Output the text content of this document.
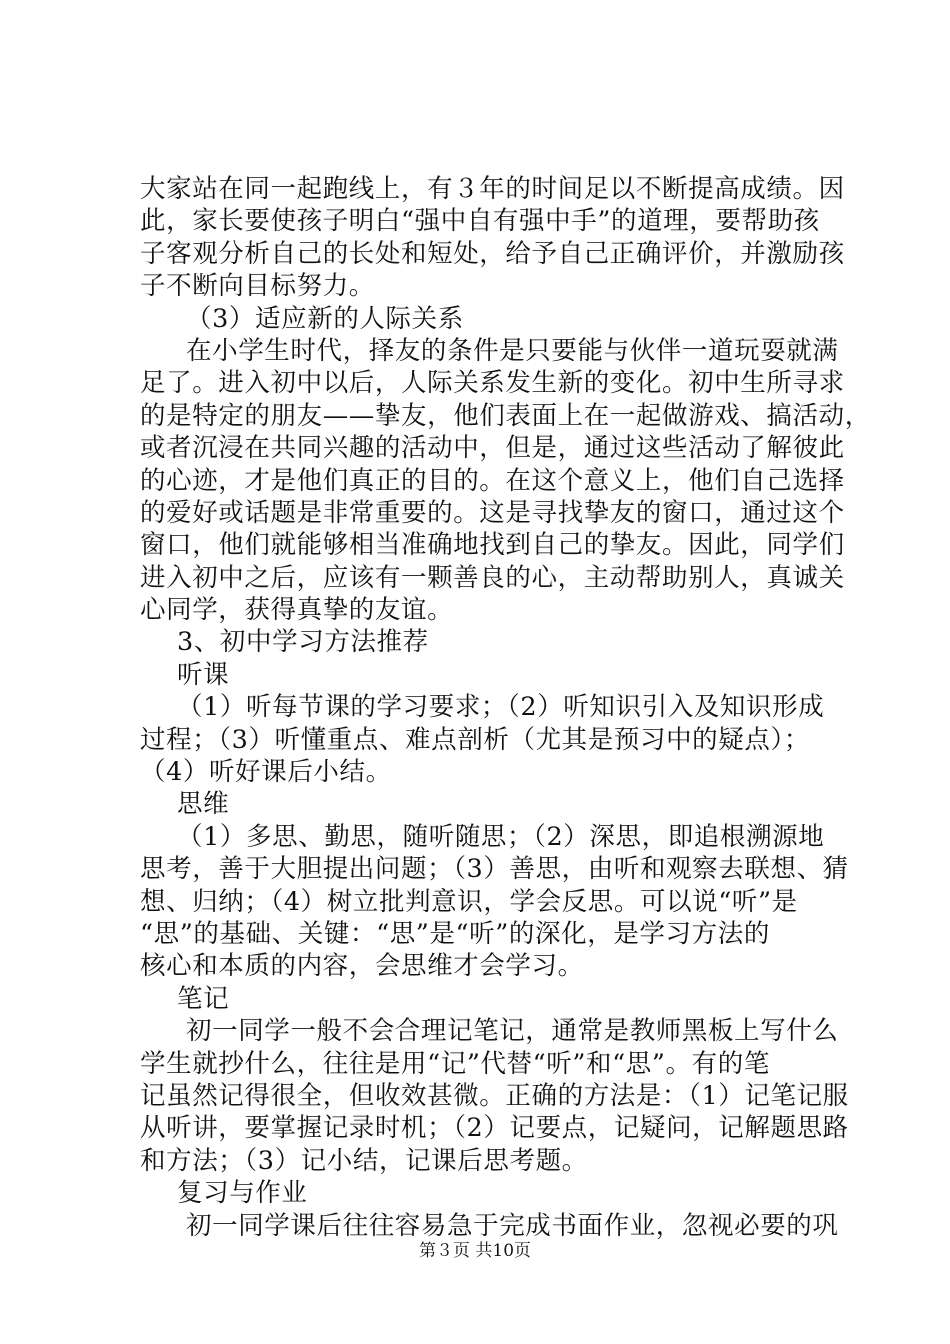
大家站在同一起跑线上，有３年的时间足以不断提高成绩。因
此，家长要使孩子明白“强中自有强中手”的道理，要帮助孩
子客观分析自己的长处和短处，给予自己正确评价，并激励孩
子不断向目标努力。
（3）适应新的人际关系
在小学生时代，择友的条件是只要能与伙伴一道玩耍就满
足了。进入初中以后，人际关系发生新的变化。初中生所寻求
的是特定的朋友——挚友，他们表面上在一起做游戏、搞活动，
或者沉浸在共同兴趣的活动中，但是，通过这些活动了解彼此
的心迹，才是他们真正的目的。在这个意义上，他们自己选择
的爱好或话题是非常重要的。这是寻找挚友的窗口，通过这个
窗口，他们就能够相当准确地找到自己的挚友。因此，同学们
进入初中之后，应该有一颗善良的心，主动帮助别人，真诚关
心同学，获得真挚的友谊。
3、初中学习方法推荐
听课
（1）听每节课的学习要求；（2）听知识引入及知识形成
过程；（3）听懂重点、难点剖析（尤其是预习中的疑点）；
（4）听好课后小结。
思维
（1）多思、勤思，随听随思；（2）深思，即追根溯源地
思考，善于大胆提出问题；（3）善思，由听和观察去联想、猜
想、归纳；（4）树立批判意识，学会反思。可以说“听”是
“思”的基础、关键：“思”是“听”的深化，是学习方法的
核心和本质的内容，会思维才会学习。
笔记
初一同学一般不会合理记笔记，通常是教师黑板上写什么
学生就抄什么，往往是用“记”代替“听”和“思”。有的笔
记虽然记得很全，但收效甚微。正确的方法是：（1）记笔记服
从听讲，要掌握记录时机；（2）记要点，记疑问，记解题思路
和方法；（3）记小结，记课后思考题。
复习与作业
初一同学课后往往容易急于完成书面作业，忽视必要的巩
第３页 共10页
